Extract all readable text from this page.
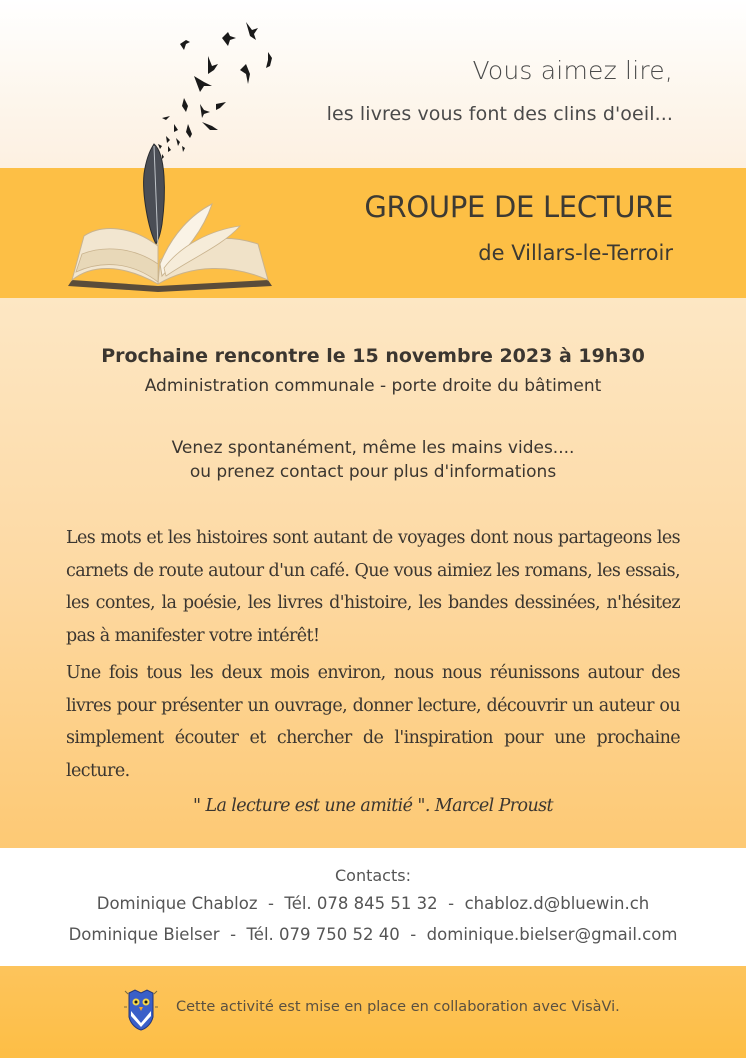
Vous aimez lire,
les livres vous font des clins d'oeil...
GROUPE DE LECTURE
de Villars-le-Terroir
Prochaine rencontre le 15 novembre 2023 à 19h30
Administration communale - porte droite du bâtiment
Venez spontanément, même les mains vides....
ou prenez contact pour plus d'informations
Les mots et les histoires sont autant de voyages dont nous partageons les carnets de route autour d'un café. Que vous aimiez les romans, les essais, les contes, la poésie, les livres d'histoire, les bandes dessinées, n'hésitez pas à manifester votre intérêt!
Une fois tous les deux mois environ, nous nous réunissons autour des livres pour présenter un ouvrage, donner lecture, découvrir un auteur ou simplement écouter et chercher de l'inspiration pour une prochaine lecture.
" La lecture est une amitié ". Marcel Proust
Contacts:
Dominique Chabloz  -  Tél. 078 845 51 32  -  chabloz.d@bluewin.ch
Dominique Bielser  -  Tél. 079 750 52 40  -  dominique.bielser@gmail.com
Cette activité est mise en place en collaboration avec VisàVi.
